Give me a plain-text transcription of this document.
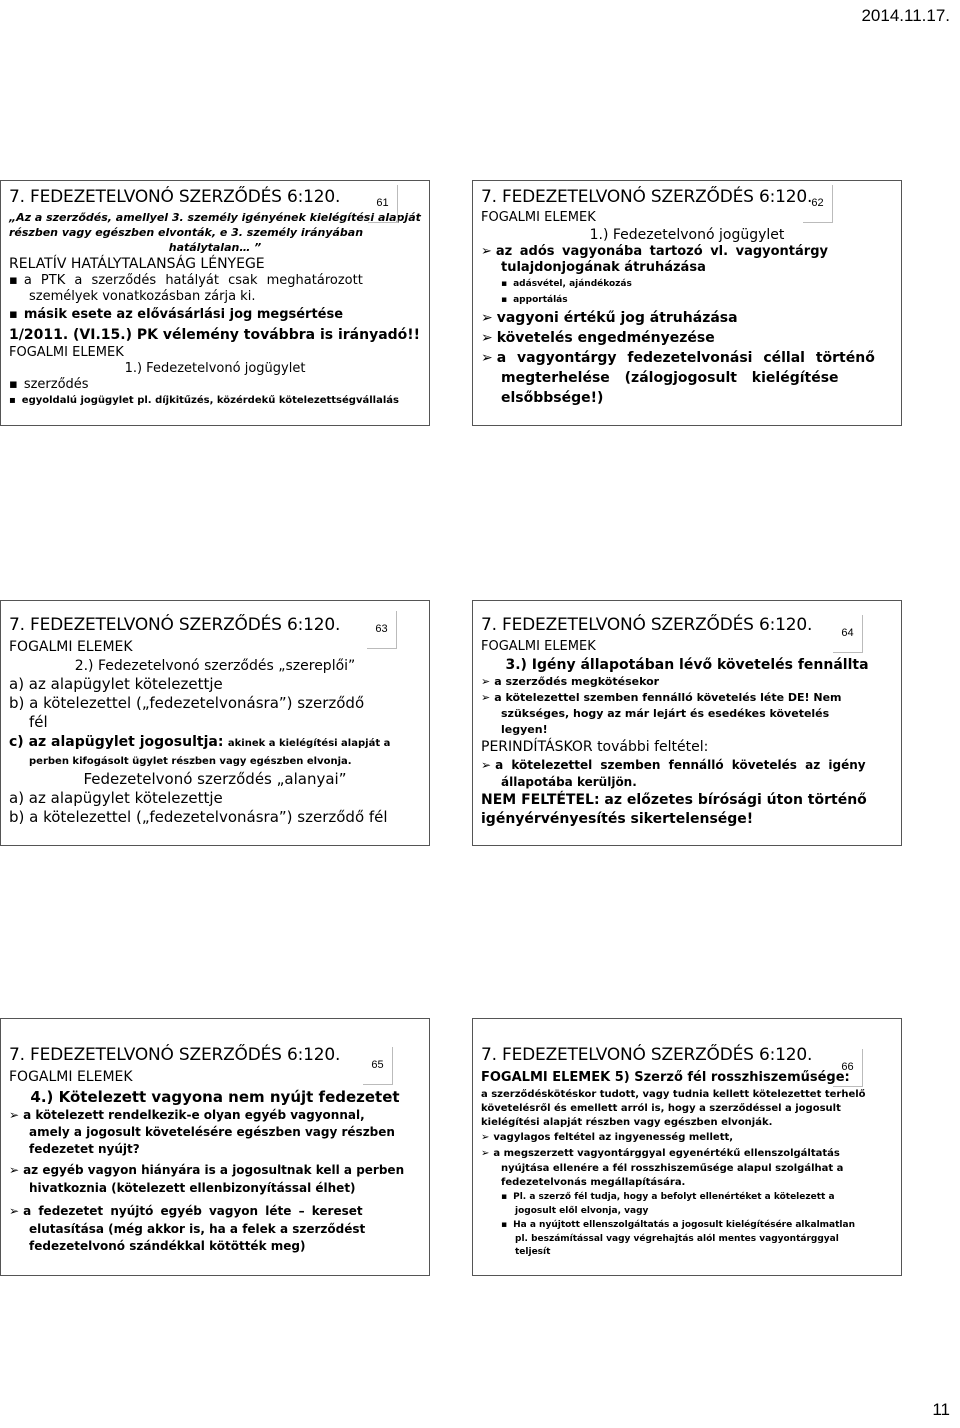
2014.11.17.
7. FEDEZETELVONÓ SZERZŐDÉS 6:120.	61

„Az a szerződés, amellyel 3. személy igényének kielégítési alapját

részben vagy egészben elvonták, e 3. személy irányában

hatálytalan… ”

RELATÍV HATÁLYTALANSÁG LÉNYEGE

▪ a PTK a szerződés hatályát csak meghatározott

személyek vonatkozásban zárja ki.

▪ másik esete az elővásárlási jog megsértése

1/2011. (VI.15.) PK vélemény továbbra is irányadó!!

FOGALMI ELEMEK

1.) Fedezetelvonó jogügylet

▪ szerződés

▪ egyoldalú jogügylet pl. díjkitűzés, közérdekű kötelezettségvállalás

7. FEDEZETELVONÓ SZERZŐDÉS 6:120. 62

FOGALMI ELEMEK

1.) Fedezetelvonó jogügylet

➢ az adós vagyonába tartozó vl. vagyontárgy

tulajdonjogának átruházása

▪ adásvétel, ajándékozás

▪ apportálás

➢ vagyoni értékű jog átruházása

➢ követelés engedményezése

➢ a vagyontárgy fedezetelvonási céllal történő

megterhelése (zálogjogosult kielégítése

elsőbbsége!)

7. FEDEZETELVONÓ SZERZŐDÉS 6:120.	63

FOGALMI ELEMEK

2.) Fedezetelvonó szerződés „szereplői”

a) az alapügylet kötelezettje

b) a kötelezettel („fedezetelvonásra”) szerződő

fél

c) az alapügylet jogosultja: akinek a kielégítési alapját a

perben kifogásolt ügylet részben vagy egészben elvonja.

Fedezetelvonó szerződés „alanyai”

a) az alapügylet kötelezettje

b) a kötelezettel („fedezetelvonásra”) szerződő fél

7. FEDEZETELVONÓ SZERZŐDÉS 6:120.	64

FOGALMI ELEMEK

3.) Igény állapotában lévő követelés fennállta

➢ a szerződés megkötésekor

➢ a kötelezettel szemben fennálló követelés léte DE! Nem

szükséges, hogy az már lejárt és esedékes követelés

legyen!

PERINDÍTÁSKOR további feltétel:

➢ a kötelezettel szemben fennálló követelés az igény

állapotába kerüljön.

NEM FELTÉTEL: az előzetes bírósági úton történő

igényérvényesítés sikertelensége!

7. FEDEZETELVONÓ SZERZŐDÉS 6:120.	65

FOGALMI ELEMEK

4.) Kötelezett vagyona nem nyújt fedezetet

➢ a kötelezett rendelkezik-e olyan egyéb vagyonnal,

amely a jogosult követelésére egészben vagy részben

fedezetet nyújt?

➢ az egyéb vagyon hiányára is a jogosultnak kell a perben

hivatkoznia (kötelezett ellenbizonyítással élhet)

➢ a fedezetet nyújtó egyéb vagyon léte – kereset

elutasítása (még akkor is, ha a felek a szerződést

fedezetelvonó szándékkal kötötték meg)

7. FEDEZETELVONÓ SZERZŐDÉS 6:120.
66

FOGALMI ELEMEK 5) Szerző fél rosszhiszeműsége:

a szerződéskötéskor tudott, vagy tudnia kellett kötelezettet terhelő

követelésről és emellett arról is, hogy a szerződéssel a jogosult

kielégítési alapját részben vagy egészben elvonják.

➢ vagylagos feltétel az ingyenesség mellett,

➢ a megszerzett vagyontárggyal egyenértékű ellenszolgáltatás

nyújtása ellenére a fél rosszhiszeműsége alapul szolgálhat a

fedezetelvonás megállapítására.

▪ Pl. a szerző fél tudja, hogy a befolyt ellenértéket a kötelezett a

jogosult elől elvonja, vagy

▪ Ha a nyújtott ellenszolgáltatás a jogosult kielégítésére alkalmatlan

pl. beszámítással vagy végrehajtás alól mentes vagyontárggyal

teljesít

11
